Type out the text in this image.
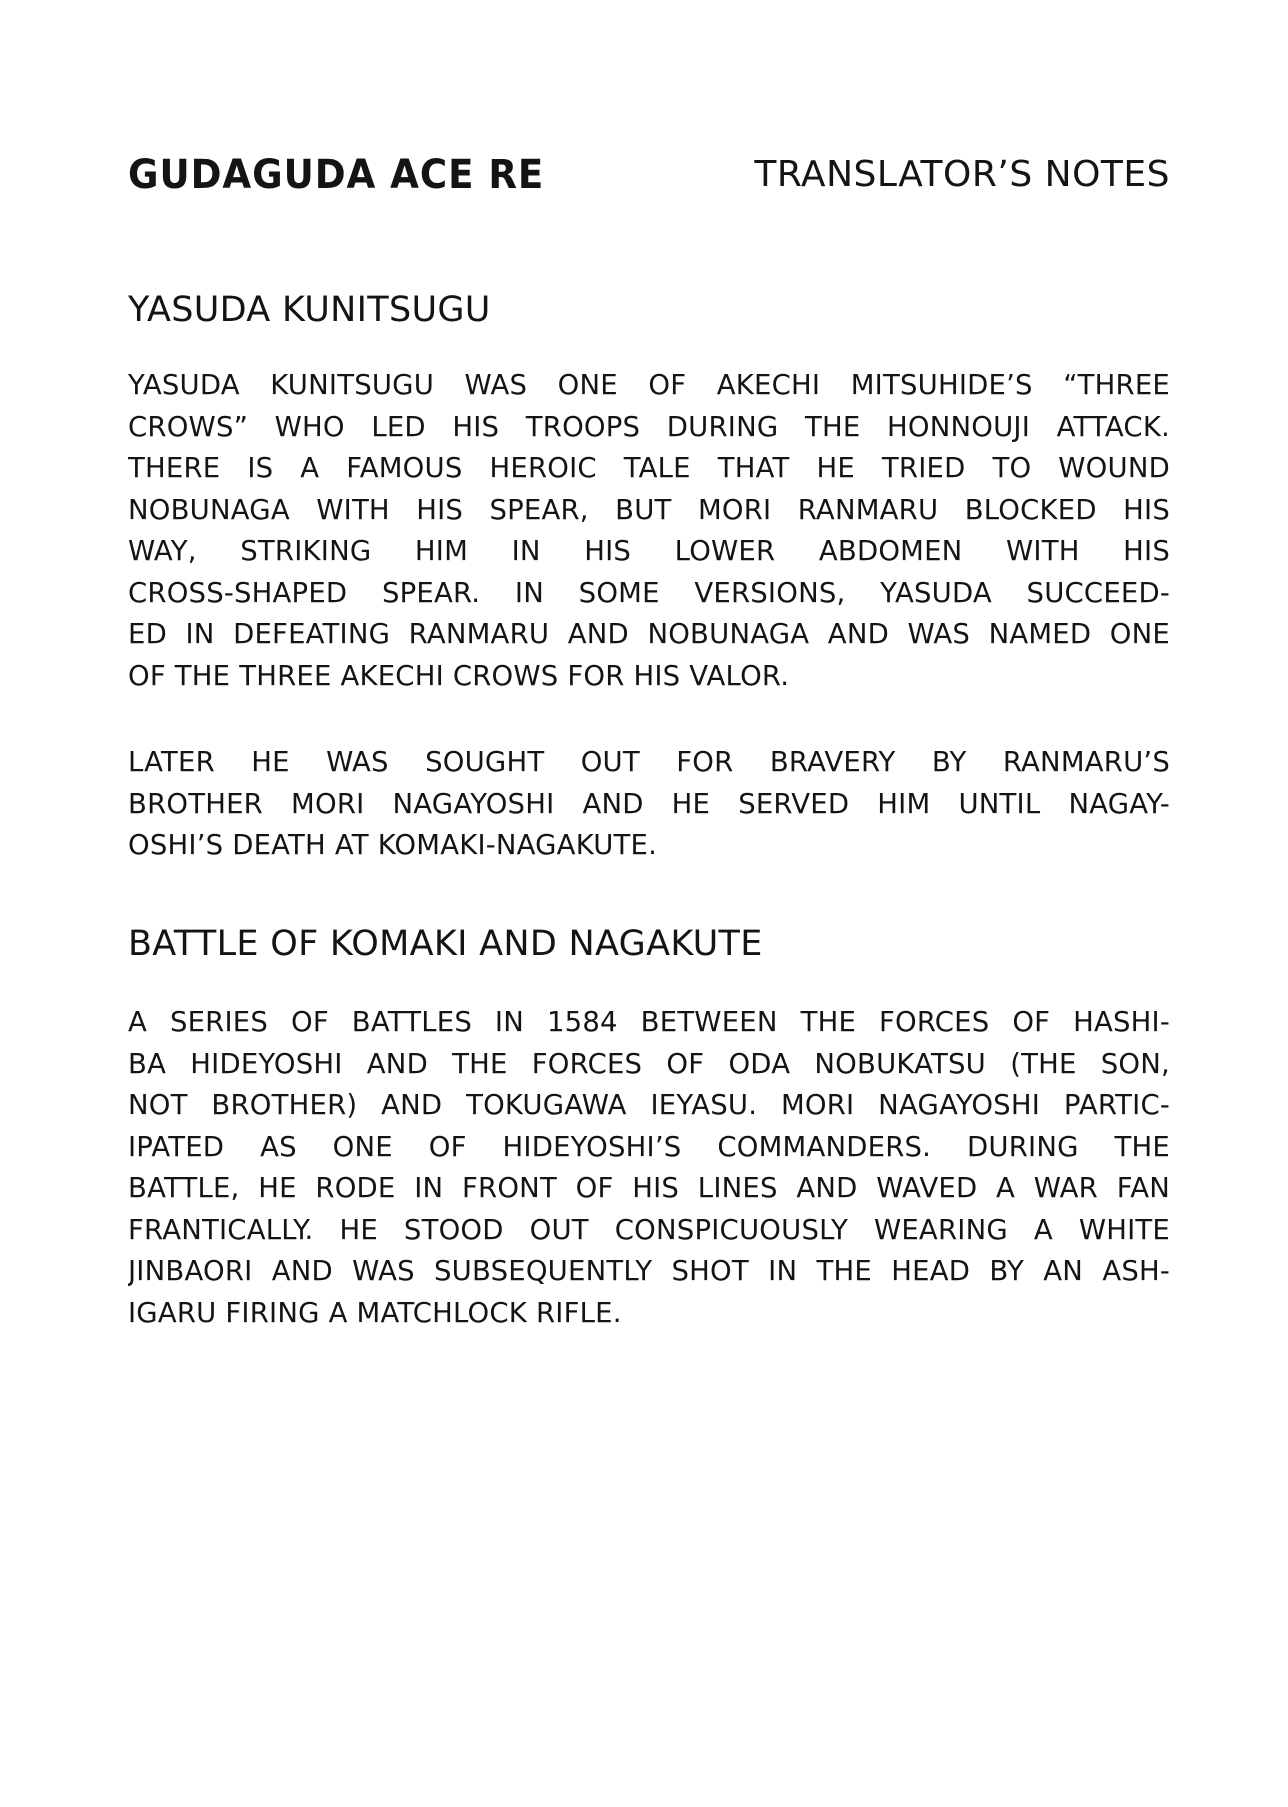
GUDAGUDA ACE RE	TRANSLATOR’S NOTES
YASUDA KUNITSUGU
YASUDA KUNITSUGU WAS ONE OF AKECHI MITSUHIDE’S “THREE
CROWS” WHO LED HIS TROOPS DURING THE HONNOUJI ATTACK.
THERE IS A FAMOUS HEROIC TALE THAT HE TRIED TO WOUND
NOBUNAGA WITH HIS SPEAR, BUT MORI RANMARU BLOCKED HIS
WAY, STRIKING HIM IN HIS LOWER ABDOMEN WITH HIS
CROSS-SHAPED SPEAR. IN SOME VERSIONS, YASUDA SUCCEED-
ED IN DEFEATING RANMARU AND NOBUNAGA AND WAS NAMED ONE
OF THE THREE AKECHI CROWS FOR HIS VALOR.
LATER HE WAS SOUGHT OUT FOR BRAVERY BY RANMARU’S
BROTHER MORI NAGAYOSHI AND HE SERVED HIM UNTIL NAGAY-
OSHI’S DEATH AT KOMAKI-NAGAKUTE.
BATTLE OF KOMAKI AND NAGAKUTE
A SERIES OF BATTLES IN 1584 BETWEEN THE FORCES OF HASHI-
BA HIDEYOSHI AND THE FORCES OF ODA NOBUKATSU (THE SON,
NOT BROTHER) AND TOKUGAWA IEYASU. MORI NAGAYOSHI PARTIC-
IPATED AS ONE OF HIDEYOSHI’S COMMANDERS. DURING THE
BATTLE, HE RODE IN FRONT OF HIS LINES AND WAVED A WAR FAN
FRANTICALLY. HE STOOD OUT CONSPICUOUSLY WEARING A WHITE
JINBAORI AND WAS SUBSEQUENTLY SHOT IN THE HEAD BY AN ASH-
IGARU FIRING A MATCHLOCK RIFLE.
